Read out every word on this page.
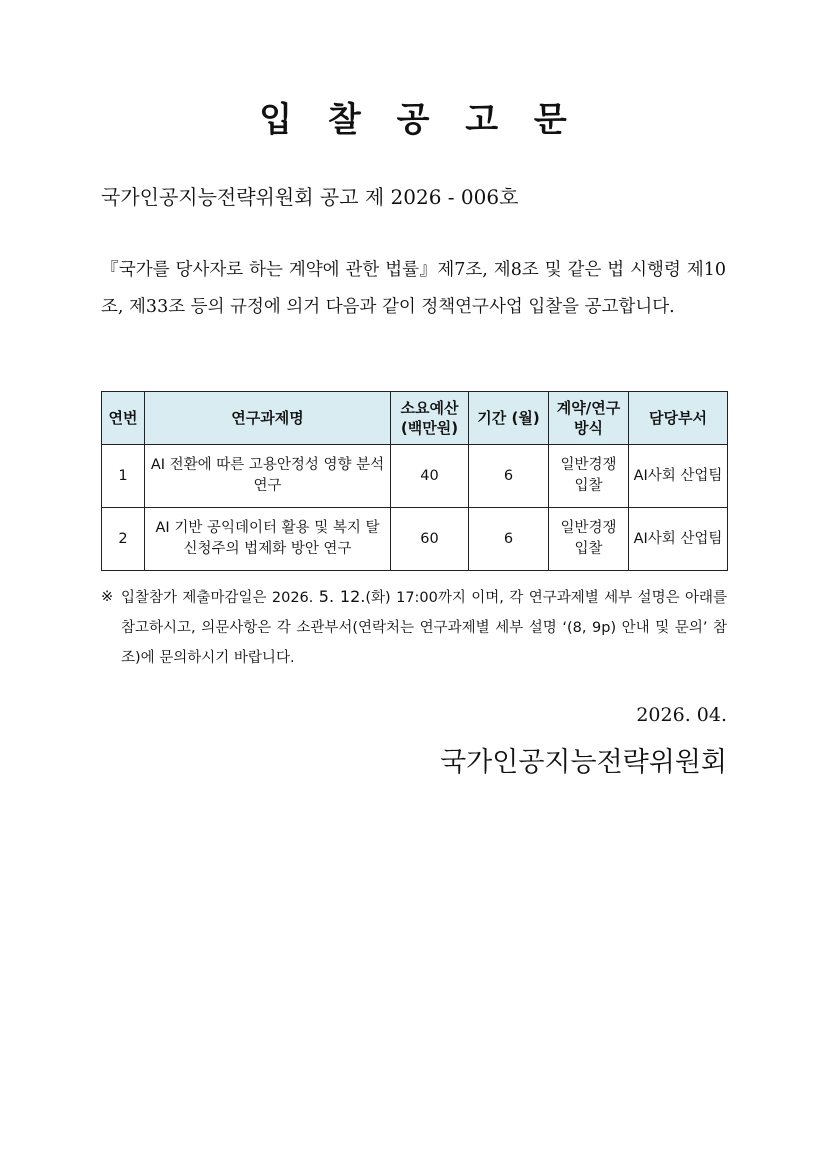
입 찰 공 고 문
국가인공지능전략위원회 공고 제 2026 - 006호
『국가를 당사자로 하는 계약에 관한 법률』제7조, 제8조 및 같은 법 시행령 제10조, 제33조 등의 규정에 의거 다음과 같이 정책연구사업 입찰을 공고합니다.
연번	연구과제명	소요예산 (백만원)	기간 (월)	계약/연구 방식	담당부서
1	AI 전환에 따른 고용안정성 영향 분석 연구	40	6	일반경쟁 입찰	AI사회 산업팀
2	AI 기반 공익데이터 활용 및 복지 탈신청주의 법제화 방안 연구	60	6	일반경쟁 입찰	AI사회 산업팀
※ 입찰참가 제출마감일은 2026. 5. 12.(화) 17:00까지 이며, 각 연구과제별 세부 설명은 아래를 참고하시고, 의문사항은 각 소관부서(연락처는 연구과제별 세부 설명 ‘(8, 9p) 안내 및 문의’ 참조)에 문의하시기 바랍니다.
2026. 04.
국가인공지능전략위원회
